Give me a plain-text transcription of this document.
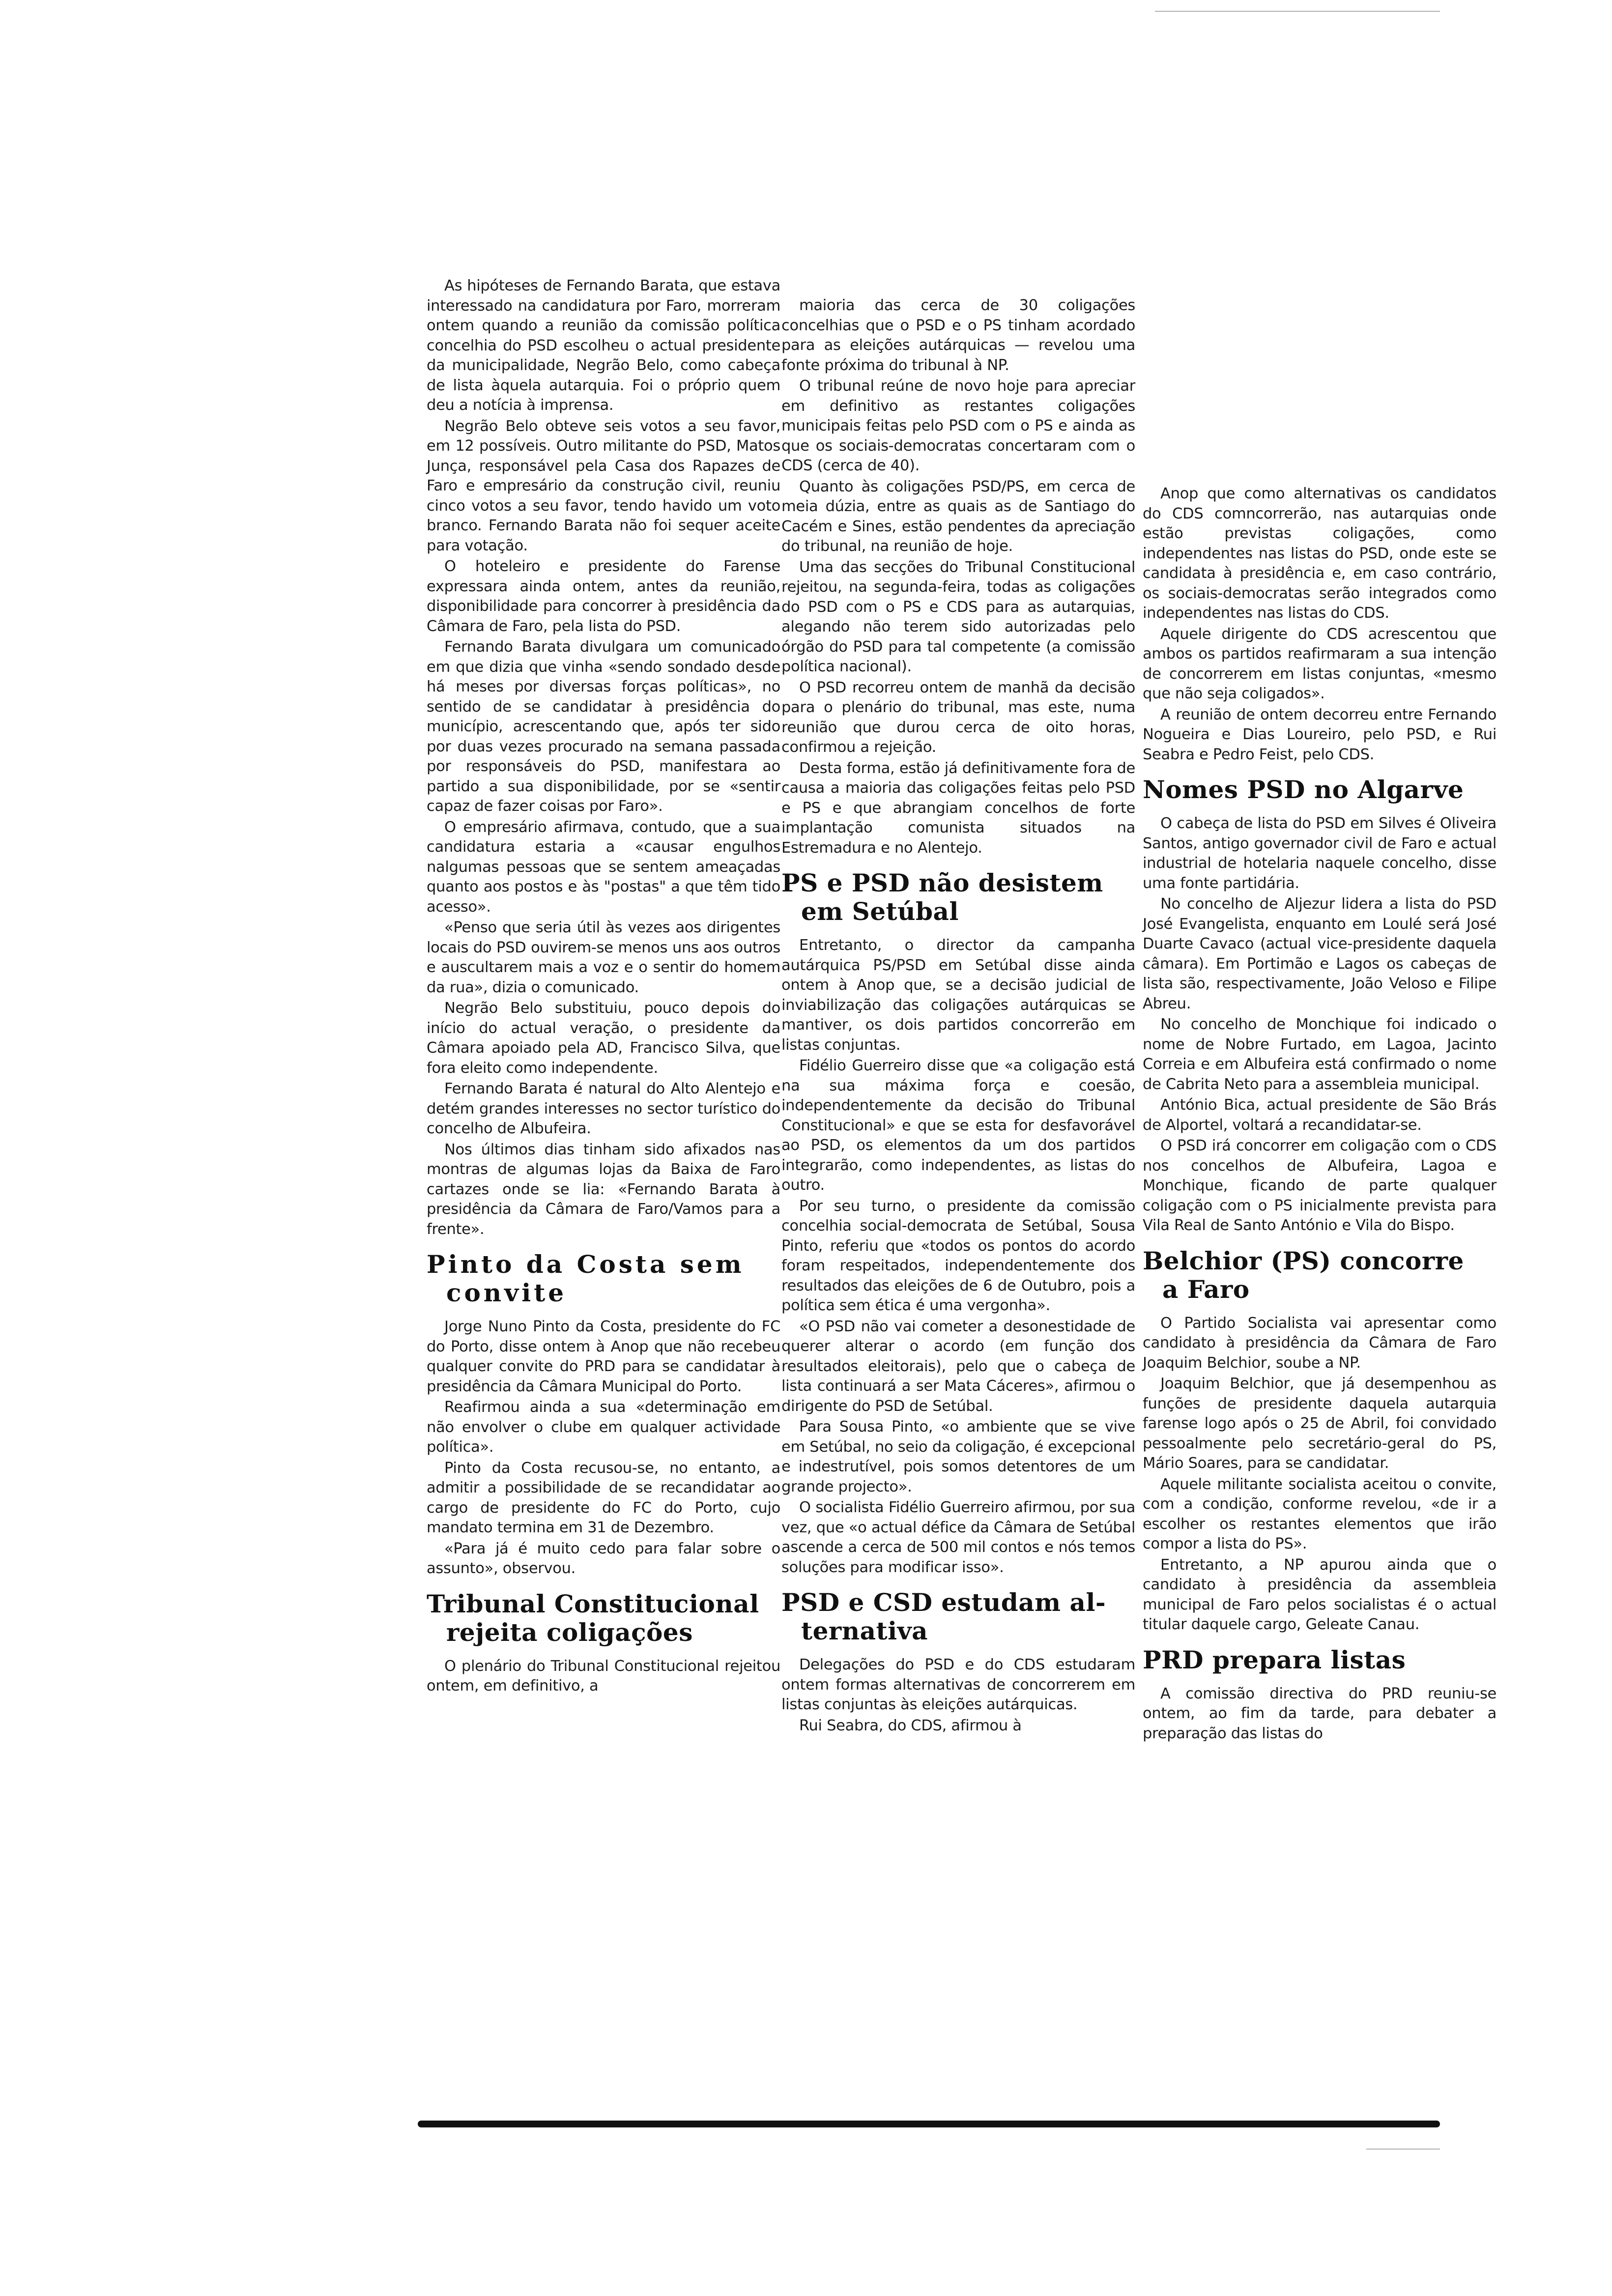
As hipóteses de Fernando Barata, que estava interessado na candidatura por Faro, morreram ontem quando a reunião da comissão política concelhia do PSD escolheu o actual presidente da municipalidade, Negrão Belo, como cabeça de lista àquela autarquia. Foi o próprio quem deu a notícia à imprensa.

Negrão Belo obteve seis votos a seu favor, em 12 possíveis. Outro militante do PSD, Matos Junça, responsável pela Casa dos Rapazes de Faro e empresário da construção civil, reuniu cinco votos a seu favor, tendo havido um voto branco. Fernando Barata não foi sequer aceite para votação.

O hoteleiro e presidente do Farense expressara ainda ontem, antes da reunião, disponibilidade para concorrer à presidência da Câmara de Faro, pela lista do PSD.

Fernando Barata divulgara um comunicado em que dizia que vinha «sendo sondado desde há meses por diversas forças políticas», no sentido de se candidatar à presidência do município, acrescentando que, após ter sido por duas vezes procurado na semana passada por responsáveis do PSD, manifestara ao partido a sua disponibilidade, por se «sentir capaz de fazer coisas por Faro».

O empresário afirmava, contudo, que a sua candidatura estaria a «causar engulhos nalgumas pessoas que se sentem ameaçadas quanto aos postos e às "postas" a que têm tido acesso».

«Penso que seria útil às vezes aos dirigentes locais do PSD ouvirem-se menos uns aos outros e auscultarem mais a voz e o sentir do homem da rua», dizia o comunicado.

Negrão Belo substituiu, pouco depois do início do actual veração, o presidente da Câmara apoiado pela AD, Francisco Silva, que fora eleito como independente.

Fernando Barata é natural do Alto Alentejo e detém grandes interesses no sector turístico do concelho de Albufeira.

Nos últimos dias tinham sido afixados nas montras de algumas lojas da Baixa de Faro cartazes onde se lia: «Fernando Barata à presidência da Câmara de Faro/Vamos para a frente».

Pinto da Costa sem
convite

Jorge Nuno Pinto da Costa, presidente do FC do Porto, disse ontem à Anop que não recebeu qualquer convite do PRD para se candidatar à presidência da Câmara Municipal do Porto.

Reafirmou ainda a sua «determinação em não envolver o clube em qualquer actividade política».

Pinto da Costa recusou-se, no entanto, a admitir a possibilidade de se recandidatar ao cargo de presidente do FC do Porto, cujo mandato termina em 31 de Dezembro.

«Para já é muito cedo para falar sobre o assunto», observou.

Tribunal Constitucional
rejeita coligações

O plenário do Tribunal Constitucional rejeitou ontem, em definitivo, a

maioria das cerca de 30 coligações concelhias que o PSD e o PS tinham acordado para as eleições autárquicas — revelou uma fonte próxima do tribunal à NP.

O tribunal reúne de novo hoje para apreciar em definitivo as restantes coligações municipais feitas pelo PSD com o PS e ainda as que os sociais-democratas concertaram com o CDS (cerca de 40).

Quanto às coligações PSD/PS, em cerca de meia dúzia, entre as quais as de Santiago do Cacém e Sines, estão pendentes da apreciação do tribunal, na reunião de hoje.

Uma das secções do Tribunal Constitucional rejeitou, na segunda-feira, todas as coligações do PSD com o PS e CDS para as autarquias, alegando não terem sido autorizadas pelo órgão do PSD para tal competente (a comissão política nacional).

O PSD recorreu ontem de manhã da decisão para o plenário do tribunal, mas este, numa reunião que durou cerca de oito horas, confirmou a rejeição.

Desta forma, estão já definitivamente fora de causa a maioria das coligações feitas pelo PSD e PS e que abrangiam concelhos de forte implantação comunista situados na Estremadura e no Alentejo.

PS e PSD não desistem
em Setúbal

Entretanto, o director da campanha autárquica PS/PSD em Setúbal disse ainda ontem à Anop que, se a decisão judicial de inviabilização das coligações autárquicas se mantiver, os dois partidos concorrerão em listas conjuntas.

Fidélio Guerreiro disse que «a coligação está na sua máxima força e coesão, independentemente da decisão do Tribunal Constitucional» e que se esta for desfavorável ao PSD, os elementos da um dos partidos integrarão, como independentes, as listas do outro.

Por seu turno, o presidente da comissão concelhia social-democrata de Setúbal, Sousa Pinto, referiu que «todos os pontos do acordo foram respeitados, independentemente dos resultados das eleições de 6 de Outubro, pois a política sem ética é uma vergonha».

«O PSD não vai cometer a desonestidade de querer alterar o acordo (em função dos resultados eleitorais), pelo que o cabeça de lista continuará a ser Mata Cáceres», afirmou o dirigente do PSD de Setúbal.

Para Sousa Pinto, «o ambiente que se vive em Setúbal, no seio da coligação, é excepcional e indestrutível, pois somos detentores de um grande projecto».

O socialista Fidélio Guerreiro afirmou, por sua vez, que «o actual défice da Câmara de Setúbal ascende a cerca de 500 mil contos e nós temos soluções para modificar isso».

PSD e CSD estudam al-
ternativa

Delegações do PSD e do CDS estudaram ontem formas alternativas de concorrerem em listas conjuntas às eleições autárquicas.

Rui Seabra, do CDS, afirmou à

Anop que como alternativas os candidatos do CDS comncorrerão, nas autarquias onde estão previstas coligações, como independentes nas listas do PSD, onde este se candidata à presidência e, em caso contrário, os sociais-democratas serão integrados como independentes nas listas do CDS.

Aquele dirigente do CDS acrescentou que ambos os partidos reafirmaram a sua intenção de concorrerem em listas conjuntas, «mesmo que não seja coligados».

A reunião de ontem decorreu entre Fernando Nogueira e Dias Loureiro, pelo PSD, e Rui Seabra e Pedro Feist, pelo CDS.

Nomes PSD no Algarve

O cabeça de lista do PSD em Silves é Oliveira Santos, antigo governador civil de Faro e actual industrial de hotelaria naquele concelho, disse uma fonte partidária.

No concelho de Aljezur lidera a lista do PSD José Evangelista, enquanto em Loulé será José Duarte Cavaco (actual vice-presidente daquela câmara). Em Portimão e Lagos os cabeças de lista são, respectivamente, João Veloso e Filipe Abreu.

No concelho de Monchique foi indicado o nome de Nobre Furtado, em Lagoa, Jacinto Correia e em Albufeira está confirmado o nome de Cabrita Neto para a assembleia municipal.

António Bica, actual presidente de São Brás de Alportel, voltará a recandidatar-se.

O PSD irá concorrer em coligação com o CDS nos concelhos de Albufeira, Lagoa e Monchique, ficando de parte qualquer coligação com o PS inicialmente prevista para Vila Real de Santo António e Vila do Bispo.

Belchior (PS) concorre
a Faro

O Partido Socialista vai apresentar como candidato à presidência da Câmara de Faro Joaquim Belchior, soube a NP.

Joaquim Belchior, que já desempenhou as funções de presidente daquela autarquia farense logo após o 25 de Abril, foi convidado pessoalmente pelo secretário-geral do PS, Mário Soares, para se candidatar.

Aquele militante socialista aceitou o convite, com a condição, conforme revelou, «de ir a escolher os restantes elementos que irão compor a lista do PS».

Entretanto, a NP apurou ainda que o candidato à presidência da assembleia municipal de Faro pelos socialistas é o actual titular daquele cargo, Geleate Canau.

PRD prepara listas

A comissão directiva do PRD reuniu-se ontem, ao fim da tarde, para debater a preparação das listas do
